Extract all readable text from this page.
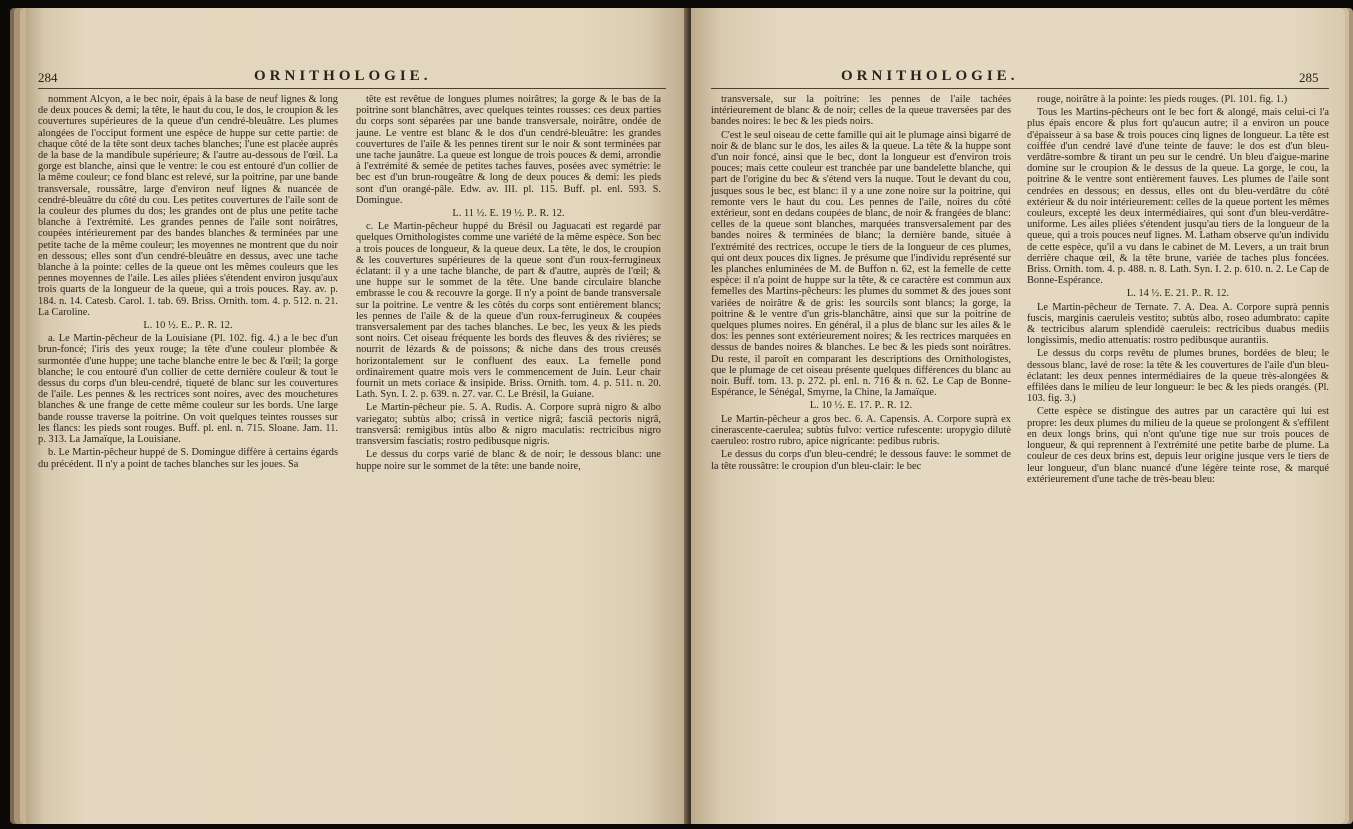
284	ORNITHOLOGIE.

nomment Alcyon, a le bec noir, épais à la base de neuf lignes & long de deux pouces & demi; la tête, le haut du cou, le dos, le croupion & les couvertures supérieures de la queue d'un cendré-bleuâtre. Les plumes alongées de l'occiput forment une espèce de huppe sur cette partie: de chaque côté de la tête sont deux taches blanches; l'une est placée auprès de la base de la mandibule supérieure; & l'autre au-dessous de l'œil. La gorge est blanche, ainsi que le ventre: le cou est entouré d'un collier de la même couleur; ce fond blanc est relevé, sur la poitrine, par une bande transversale, roussâtre, large d'environ neuf lignes & nuancée de cendré-bleuâtre du côté du cou. Les petites couvertures de l'aile sont de la couleur des plumes du dos; les grandes ont de plus une petite tache blanche à l'extrémité. Les grandes pennes de l'aile sont noirâtres, coupées intérieurement par des bandes blanches & terminées par une petite tache de la même couleur; les moyennes ne montrent que du noir en dessous; elles sont d'un cendré-bleuâtre en dessus, avec une tache blanche à la pointe: celles de la queue ont les mêmes couleurs que les pennes moyennes de l'aile. Les ailes pliées s'étendent environ jusqu'aux trois quarts de la longueur de la queue, qui a trois pouces. Ray. av. p. 184. n. 14. Catesb. Carol. 1. tab. 69. Briss. Ornith. tom. 4. p. 512. n. 21. La Caroline.

L. 10 ½. E.. P.. R. 12.

a. Le Martin-pêcheur de la Louisiane (Pl. 102. fig. 4.) a le bec d'un brun-foncé; l'iris des yeux rouge; la tête d'une couleur plombée & surmontée d'une huppe; une tache blanche entre le bec & l'œil; la gorge blanche; le cou entouré d'un collier de cette dernière couleur & tout le dessus du corps d'un bleu-cendré, tiqueté de blanc sur les couvertures de l'aile. Les pennes & les rectrices sont noires, avec des mouchetures blanches & une frange de cette même couleur sur les bords. Une large bande rousse traverse la poitrine. On voit quelques teintes rousses sur les flancs: les pieds sont rouges. Buff. pl. enl. n. 715. Sloane. Jam. 11. p. 313. La Jamaïque, la Louisiane.

b. Le Martin-pêcheur huppé de S. Domingue diffère à certains égards du précédent. Il n'y a point de taches blanches sur les joues. Sa

tête est revêtue de longues plumes noirâtres; la gorge & le bas de la poitrine sont blanchâtres, avec quelques teintes rousses: ces deux parties du corps sont séparées par une bande transversale, noirâtre, ondée de jaune. Le ventre est blanc & le dos d'un cendré-bleuâtre: les grandes couvertures de l'aile & les pennes tirent sur le noir & sont terminées par une tache jaunâtre. La queue est longue de trois pouces & demi, arrondie à l'extrémité & semée de petites taches fauves, posées avec symétrie: le bec est d'un brun-rougeâtre & long de deux pouces & demi: les pieds sont d'un orangé-pâle. Edw. av. III. pl. 115. Buff. pl. enl. 593. S. Domingue.

L. 11 ½. E. 19 ½. P.. R. 12.

c. Le Martin-pêcheur huppé du Brésil ou Jaguacati est regardé par quelques Ornithologistes comme une variété de la même espèce. Son bec a trois pouces de longueur, & la queue deux. La tête, le dos, le croupion & les couvertures supérieures de la queue sont d'un roux-ferrugineux éclatant: il y a une tache blanche, de part & d'autre, auprès de l'œil; & une huppe sur le sommet de la tête. Une bande circulaire blanche embrasse le cou & recouvre la gorge. Il n'y a point de bande transversale sur la poitrine. Le ventre & les côtés du corps sont entièrement blancs; les pennes de l'aile & de la queue d'un roux-ferrugineux & coupées transversalement par des taches blanches. Le bec, les yeux & les pieds sont noirs. Cet oiseau fréquente les bords des fleuves & des rivières; se nourrit de lézards & de poissons; & niche dans des trous creusés horizontalement sur le confluent des eaux. La femelle pond ordinairement quatre mois vers le commencement de Juin. Leur chair fournit un mets coriace & insipide. Briss. Ornith. tom. 4. p. 511. n. 20. Lath. Syn. I. 2. p. 639. n. 27. var. C. Le Brésil, la Guiane.

Le Martin-pêcheur pie. 5. A. Rudis. A. Corpore suprà nigro & albo variegato; subtùs albo; crissâ in vertice nigrâ; fasciâ pectoris nigrâ, transversâ: remigibus intùs albo & nigro maculatis: rectricibus nigro transversìm fasciatis; rostro pedibusque nigris.

Le dessus du corps varié de blanc & de noir; le dessous blanc: une huppe noire sur le sommet de la tête: une bande noire,

ORNITHOLOGIE.	285

transversale, sur la poitrine: les pennes de l'aile tachées intérieurement de blanc & de noir; celles de la queue traversées par des bandes noires: le bec & les pieds noirs.

C'est le seul oiseau de cette famille qui ait le plumage ainsi bigarré de noir & de blanc sur le dos, les ailes & la queue. La tête & la huppe sont d'un noir foncé, ainsi que le bec, dont la longueur est d'environ trois pouces; mais cette couleur est tranchée par une bandelette blanche, qui part de l'origine du bec & s'étend vers la nuque. Tout le devant du cou, jusques sous le bec, est blanc: il y a une zone noire sur la poitrine, qui remonte vers le haut du cou. Les pennes de l'aile, noires du côté extérieur, sont en dedans coupées de blanc, de noir & frangées de blanc: celles de la queue sont blanches, marquées transversalement par des bandes noires & terminées de blanc; la dernière bande, située à l'extrémité des rectrices, occupe le tiers de la longueur de ces plumes, qui ont deux pouces dix lignes. Je présume que l'individu représenté sur les planches enluminées de M. de Buffon n. 62, est la femelle de cette espèce: il n'a point de huppe sur la tête, & ce caractère est commun aux femelles des Martins-pêcheurs: les plumes du sommet & des joues sont variées de noirâtre & de gris: les sourcils sont blancs; la gorge, la poitrine & le ventre d'un gris-blanchâtre, ainsi que sur la poitrine de quelques plumes noires. En général, il a plus de blanc sur les ailes & le dos: les pennes sont extérieurement noires; & les rectrices marquées en dessus de bandes noires & blanches. Le bec & les pieds sont noirâtres. Du reste, il paroît en comparant les descriptions des Ornithologistes, que le plumage de cet oiseau présente quelques différences du blanc au noir. Buff. tom. 13. p. 272. pl. enl. n. 716 & n. 62. Le Cap de Bonne-Espérance, le Sénégal, Smyrne, la Chine, la Jamaïque.

L. 10 ½. E. 17. P.. R. 12.

Le Martin-pêcheur a gros bec. 6. A. Capensis. A. Corpore suprà ex cinerascente-caerulea; subtùs fulvo: vertice rufescente: uropygio dilutè caeruleo: rostro rubro, apice nigricante: pedibus rubris.

Le dessus du corps d'un bleu-cendré; le dessous fauve: le sommet de la tête roussâtre: le croupion d'un bleu-clair: le bec

rouge, noirâtre à la pointe: les pieds rouges. (Pl. 101. fig. 1.)

Tous les Martins-pêcheurs ont le bec fort & alongé, mais celui-ci l'a plus épais encore & plus fort qu'aucun autre; il a environ un pouce d'épaisseur à sa base & trois pouces cinq lignes de longueur. La tête est coiffée d'un cendré lavé d'une teinte de fauve: le dos est d'un bleu-verdâtre-sombre & tirant un peu sur le cendré. Un bleu d'aigue-marine domine sur le croupion & le dessus de la queue. La gorge, le cou, la poitrine & le ventre sont entièrement fauves. Les plumes de l'aile sont cendrées en dessous; en dessus, elles ont du bleu-verdâtre du côté extérieur & du noir intérieurement: celles de la queue portent les mêmes couleurs, excepté les deux intermédiaires, qui sont d'un bleu-verdâtre-uniforme. Les ailes pliées s'étendent jusqu'au tiers de la longueur de la queue, qui a trois pouces neuf lignes. M. Latham observe qu'un individu de cette espèce, qu'il a vu dans le cabinet de M. Levers, a un trait brun derrière chaque œil, & la tête brune, variée de taches plus foncées. Briss. Ornith. tom. 4. p. 488. n. 8. Lath. Syn. I. 2. p. 610. n. 2. Le Cap de Bonne-Espérance.

L. 14 ½. E. 21. P.. R. 12.

Le Martin-pêcheur de Ternate. 7. A. Dea. A. Corpore suprà pennis fuscis, marginis caeruleis vestito; subtùs albo, roseo adumbrato: capite & tectricibus alarum splendidè caeruleis: rectricibus duabus mediis longissimis, medio attenuatis: rostro pedibusque aurantiis.

Le dessus du corps revêtu de plumes brunes, bordées de bleu; le dessous blanc, lavé de rose: la tête & les couvertures de l'aile d'un bleu-éclatant: les deux pennes intermédiaires de la queue très-alongées & effilées dans le milieu de leur longueur: le bec & les pieds orangés. (Pl. 103. fig. 3.)

Cette espèce se distingue des autres par un caractère qui lui est propre: les deux plumes du milieu de la queue se prolongent & s'effilent en deux longs brins, qui n'ont qu'une tige nue sur trois pouces de longueur, & qui reprennent à l'extrémité une petite barbe de plume. La couleur de ces deux brins est, depuis leur origine jusque vers le tiers de leur longueur, d'un blanc nuancé d'une légère teinte rose, & marqué extérieurement d'une tache de très-beau bleu:
